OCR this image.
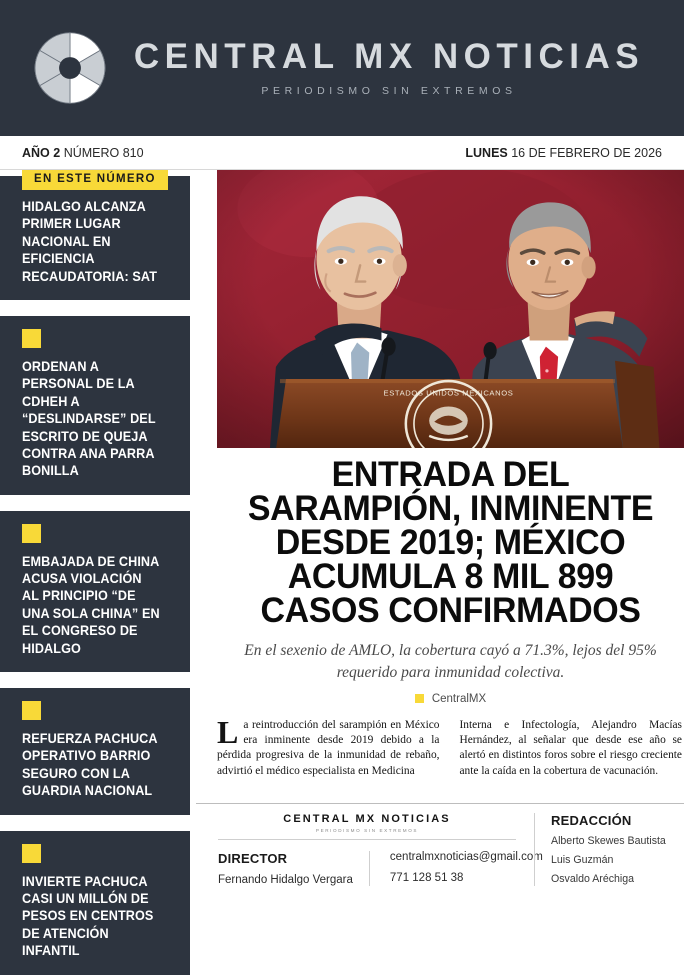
CENTRAL MX NOTICIAS
PERIODISMO SIN EXTREMOS
AÑO 2 NÚMERO 810	LUNES 16 DE FEBRERO DE 2026
EN ESTE NÚMERO
HIDALGO ALCANZA PRIMER LUGAR NACIONAL EN EFICIENCIA RECAUDATORIA: SAT
ORDENAN A PERSONAL DE LA CDHEH A “DESLINDARSE” DEL ESCRITO DE QUEJA CONTRA ANA PARRA BONILLA
EMBAJADA DE CHINA ACUSA VIOLACIÓN AL PRINCIPIO “DE UNA SOLA CHINA” EN EL CONGRESO DE HIDALGO
REFUERZA PACHUCA OPERATIVO BARRIO SEGURO CON LA GUARDIA NACIONAL
INVIERTE PACHUCA CASI UN MILLÓN DE PESOS EN CENTROS DE ATENCIÓN INFANTIL
ESTADOS UNIDOS MEXICANOS
ENTRADA DEL SARAMPIÓN, INMINENTE DESDE 2019; MÉXICO ACUMULA 8 MIL 899 CASOS CONFIRMADOS
En el sexenio de AMLO, la cobertura cayó a 71.3%, lejos del 95% requerido para inmunidad colectiva.
CentralMX
La reintroducción del sarampión en México era inminente desde 2019 debido a la pérdida progresiva de la inmunidad de rebaño, advirtió el médico especialista en Medicina
Interna e Infectología, Alejandro Macías Hernández, al señalar que desde ese año se alertó en distintos foros sobre el riesgo creciente ante la caída en la cobertura de vacunación.
CENTRAL MX NOTICIAS
PERIODISMO SIN EXTREMOS
DIRECTOR
Fernando Hidalgo Vergara
centralmxnoticias@gmail.com
771 128 51 38
REDACCIÓN
Alberto Skewes Bautista
Luis Guzmán
Osvaldo Aréchiga
